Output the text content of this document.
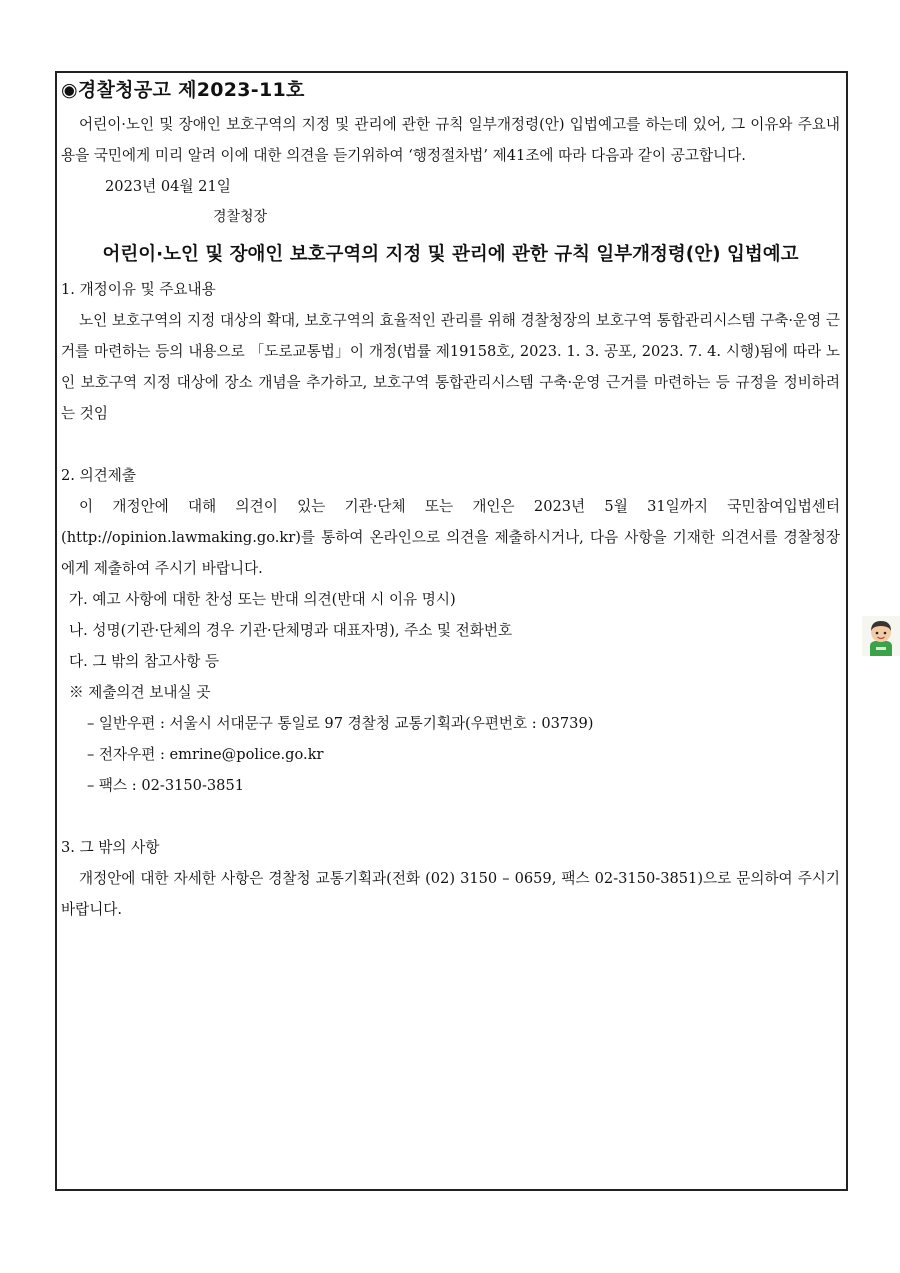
◉경찰청공고 제2023-11호

어린이·노인 및 장애인 보호구역의 지정 및 관리에 관한 규칙 일부개정령(안) 입법예고를 하는데 있어, 그 이유와 주요내용을 국민에게 미리 알려 이에 대한 의견을 듣기위하여 ‘행정절차법’ 제41조에 따라 다음과 같이 공고합니다.

2023년 04월 21일

경찰청장

어린이·노인 및 장애인 보호구역의 지정 및 관리에 관한 규칙 일부개정령(안) 입법예고

1. 개정이유 및 주요내용

노인 보호구역의 지정 대상의 확대, 보호구역의 효율적인 관리를 위해 경찰청장의 보호구역 통합관리시스템 구축·운영 근거를 마련하는 등의 내용으로 「도로교통법」이 개정(법률 제19158호, 2023. 1. 3. 공포, 2023. 7. 4. 시행)됨에 따라 노인 보호구역 지정 대상에 장소 개념을 추가하고, 보호구역 통합관리시스템 구축·운영 근거를 마련하는 등 규정을 정비하려는 것임

2. 의견제출

이 개정안에 대해 의견이 있는 기관·단체 또는 개인은 2023년 5월 31일까지 국민참여입법센터(http://opinion.lawmaking.go.kr)를 통하여 온라인으로 의견을 제출하시거나, 다음 사항을 기재한 의견서를 경찰청장에게 제출하여 주시기 바랍니다.

가. 예고 사항에 대한 찬성 또는 반대 의견(반대 시 이유 명시)

나. 성명(기관·단체의 경우 기관·단체명과 대표자명), 주소 및 전화번호

다. 그 밖의 참고사항 등

※ 제출의견 보내실 곳

– 일반우편 : 서울시 서대문구 통일로 97 경찰청 교통기획과(우편번호 : 03739)

– 전자우편 : emrine@police.go.kr

– 팩스 : 02-3150-3851

3. 그 밖의 사항

개정안에 대한 자세한 사항은 경찰청 교통기획과(전화 (02) 3150 – 0659, 팩스 02-3150-3851)으로 문의하여 주시기 바랍니다.
